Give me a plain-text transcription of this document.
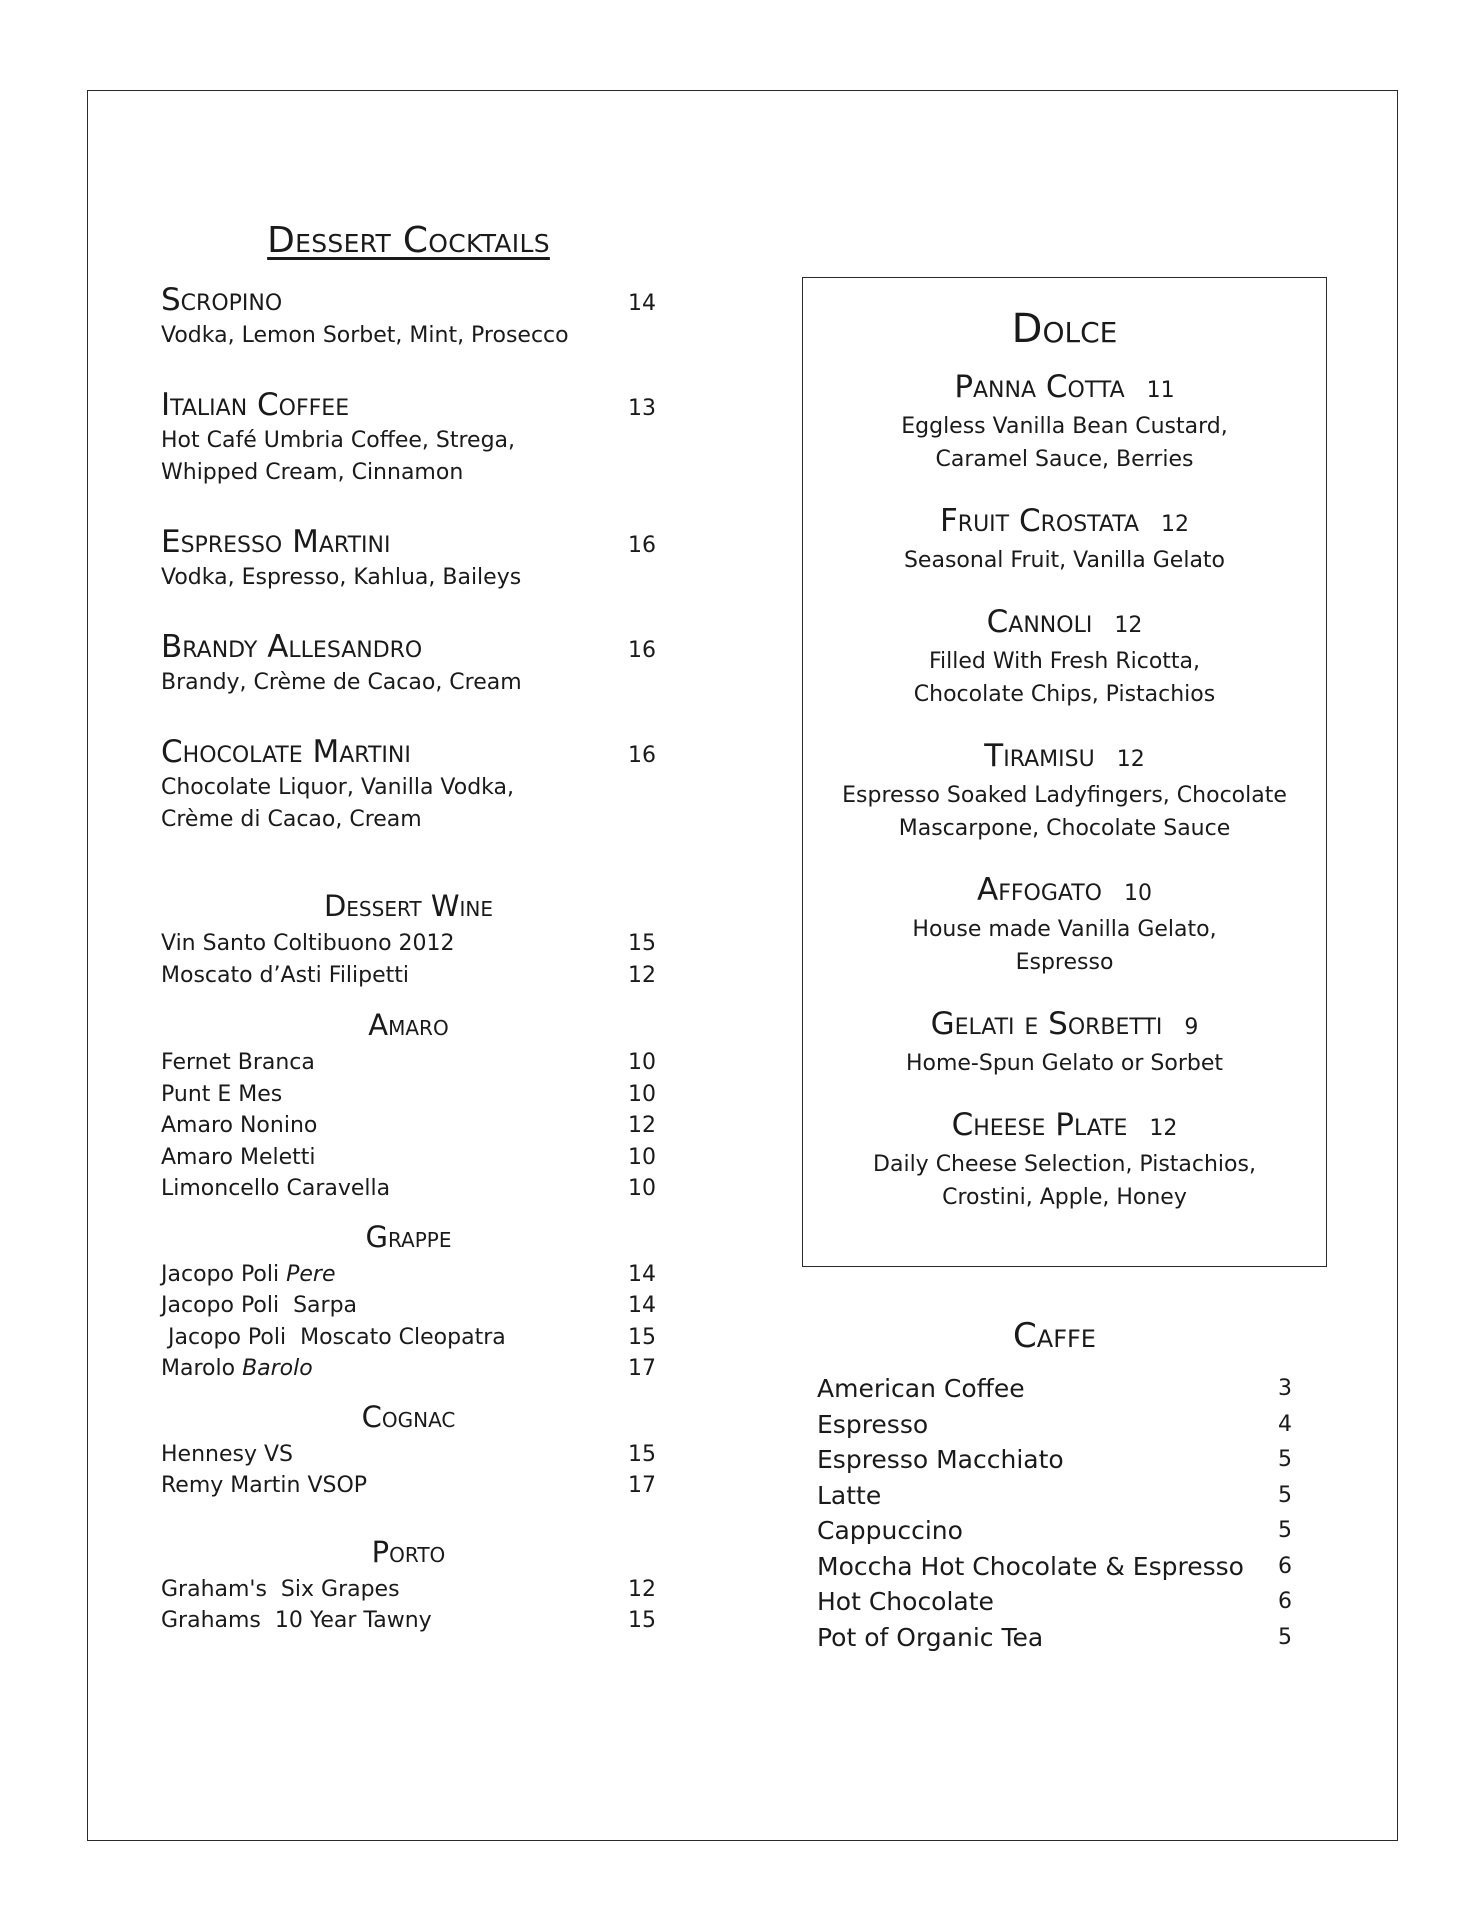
Dessert Cocktails
Scropino	14
Vodka, Lemon Sorbet, Mint, Prosecco
Italian Coffee	13
Hot Café Umbria Coffee, Strega,
Whipped Cream, Cinnamon
Espresso Martini	16
Vodka, Espresso, Kahlua, Baileys
Brandy Allesandro	16
Brandy, Crème de Cacao, Cream
Chocolate Martini	16
Chocolate Liquor, Vanilla Vodka,
Crème di Cacao, Cream
Dessert Wine
Vin Santo Coltibuono 2012	15
Moscato d’Asti Filipetti	12
Amaro
Fernet Branca	10
Punt E Mes	10
Amaro Nonino	12
Amaro Meletti	10
Limoncello Caravella	10
Grappe
Jacopo Poli Pere	14
Jacopo Poli  Sarpa	14
Jacopo Poli  Moscato Cleopatra	15
Marolo Barolo	17
Cognac
Hennesy VS	15
Remy Martin VSOP	17
Porto
Graham's  Six Grapes	12
Grahams  10 Year Tawny	15
Dolce
Panna Cotta 11
Eggless Vanilla Bean Custard,
Caramel Sauce, Berries
Fruit Crostata 12
Seasonal Fruit, Vanilla Gelato
Cannoli 12
Filled With Fresh Ricotta,
Chocolate Chips, Pistachios
Tiramisu 12
Espresso Soaked Ladyfingers, Chocolate
Mascarpone, Chocolate Sauce
Affogato 10
House made Vanilla Gelato,
Espresso
Gelati e Sorbetti 9
Home-Spun Gelato or Sorbet
Cheese Plate 12
Daily Cheese Selection, Pistachios,
Crostini, Apple, Honey
Caffe
American Coffee	3
Espresso	4
Espresso Macchiato	5
Latte	5
Cappuccino	5
Moccha Hot Chocolate & Espresso	6
Hot Chocolate	6
Pot of Organic Tea	5
